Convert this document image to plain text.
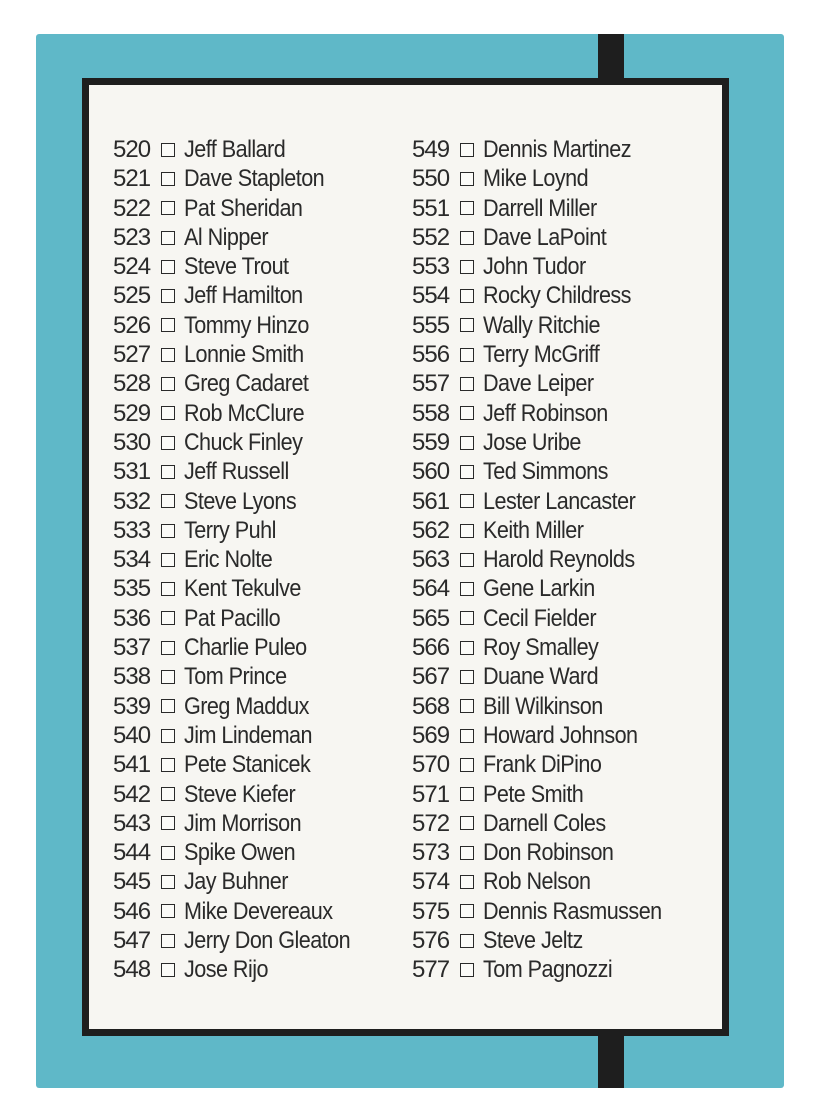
520 Jeff Ballard
521 Dave Stapleton
522 Pat Sheridan
523 Al Nipper
524 Steve Trout
525 Jeff Hamilton
526 Tommy Hinzo
527 Lonnie Smith
528 Greg Cadaret
529 Rob McClure
530 Chuck Finley
531 Jeff Russell
532 Steve Lyons
533 Terry Puhl
534 Eric Nolte
535 Kent Tekulve
536 Pat Pacillo
537 Charlie Puleo
538 Tom Prince
539 Greg Maddux
540 Jim Lindeman
541 Pete Stanicek
542 Steve Kiefer
543 Jim Morrison
544 Spike Owen
545 Jay Buhner
546 Mike Devereaux
547 Jerry Don Gleaton
548 Jose Rijo
549 Dennis Martinez
550 Mike Loynd
551 Darrell Miller
552 Dave LaPoint
553 John Tudor
554 Rocky Childress
555 Wally Ritchie
556 Terry McGriff
557 Dave Leiper
558 Jeff Robinson
559 Jose Uribe
560 Ted Simmons
561 Lester Lancaster
562 Keith Miller
563 Harold Reynolds
564 Gene Larkin
565 Cecil Fielder
566 Roy Smalley
567 Duane Ward
568 Bill Wilkinson
569 Howard Johnson
570 Frank DiPino
571 Pete Smith
572 Darnell Coles
573 Don Robinson
574 Rob Nelson
575 Dennis Rasmussen
576 Steve Jeltz
577 Tom Pagnozzi
